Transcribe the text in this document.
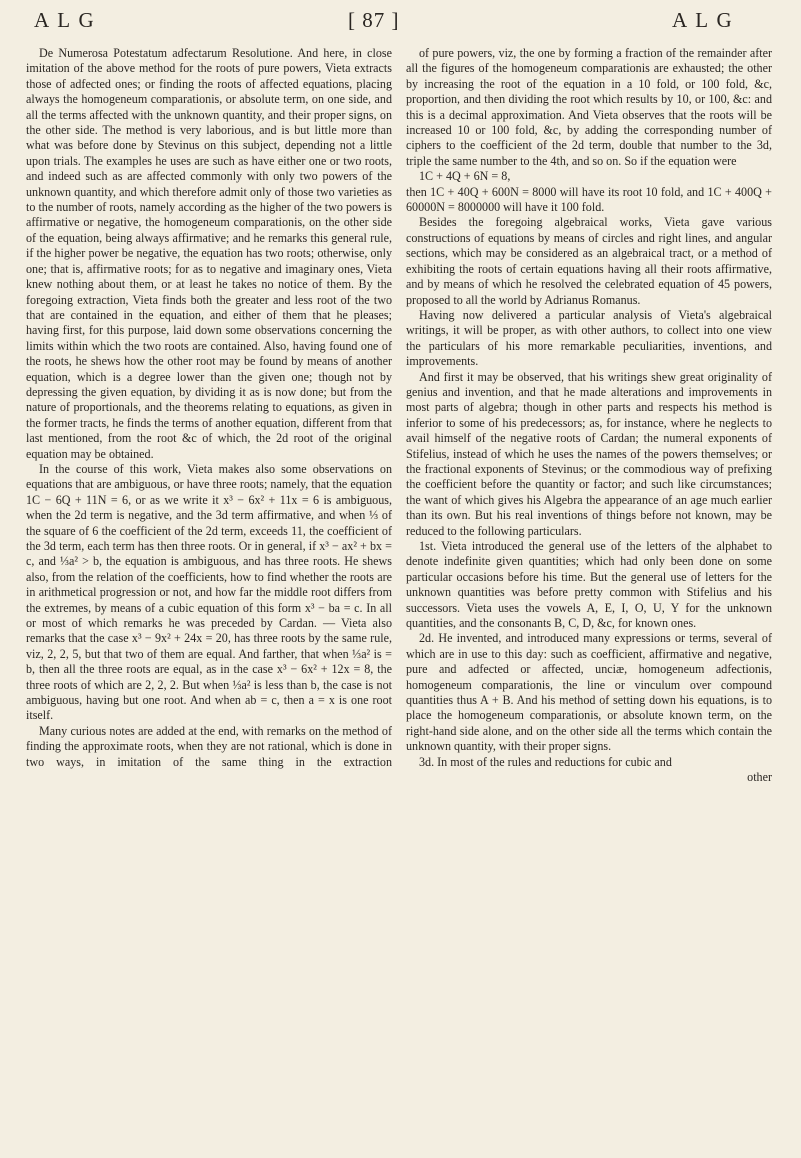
A L G	[ 87 ]	A L G

De Numerosa Potestatum adfectarum Resolutione. And here, in close imitation of the above method for the roots of pure powers, Vieta extracts those of adfected ones; or finding the roots of affected equations, placing always the homogeneum comparationis, or absolute term, on one side, and all the terms affected with the unknown quantity, and their proper signs, on the other side. The method is very laborious, and is but little more than what was before done by Stevinus on this subject, depending not a little upon trials. The examples he uses are such as have either one or two roots, and indeed such as are affected commonly with only two powers of the unknown quantity, and which therefore admit only of those two varieties as to the number of roots, namely according as the higher of the two powers is affirmative or negative, the homogeneum comparationis, on the other side of the equation, being always affirmative; and he remarks this general rule, if the higher power be negative, the equation has two roots; otherwise, only one; that is, affirmative roots; for as to negative and imaginary ones, Vieta knew nothing about them, or at least he takes no notice of them. By the foregoing extraction, Vieta finds both the greater and less root of the two that are contained in the equation, and either of them that he pleases; having first, for this purpose, laid down some observations concerning the limits within which the two roots are contained. Also, having found one of the roots, he shews how the other root may be found by means of another equation, which is a degree lower than the given one; though not by depressing the given equation, by dividing it as is now done; but from the nature of proportionals, and the theorems relating to equations, as given in the former tracts, he finds the terms of another equation, different from that last mentioned, from the root &c of which, the 2d root of the original equation may be obtained.

In the course of this work, Vieta makes also some observations on equations that are ambiguous, or have three roots; namely, that the equation 1C − 6Q + 11N = 6, or as we write it x³ − 6x² + 11x = 6 is ambiguous, when the 2d term is negative, and the 3d term affirmative, and when ⅓ of the square of 6 the coefficient of the 2d term, exceeds 11, the coefficient of the 3d term, each term has then three roots. Or in general, if x³ − ax² + bx = c, and ⅓a² > b, the equation is ambiguous, and has three roots. He shews also, from the relation of the coefficients, how to find whether the roots are in arithmetical progression or not, and how far the middle root differs from the extremes, by means of a cubic equation of this form x³ − ba = c. In all or most of which remarks he was preceded by Cardan. — Vieta also remarks that the case x³ − 9x² + 24x = 20, has three roots by the same rule, viz, 2, 2, 5, but that two of them are equal. And farther, that when ⅓a² is = b, then all the three roots are equal, as in the case x³ − 6x² + 12x = 8, the three roots of which are 2, 2, 2. But when ⅓a² is less than b, the case is not ambiguous, having but one root. And when ab = c, then a = x is one root itself.

Many curious notes are added at the end, with remarks on the method of finding the approximate roots, when they are not rational, which is done in two ways, in imitation of the same thing in the extraction

of pure powers, viz, the one by forming a fraction of the remainder after all the figures of the homogeneum comparationis are exhausted; the other by increasing the root of the equation in a 10 fold, or 100 fold, &c, proportion, and then dividing the root which results by 10, or 100, &c: and this is a decimal approximation. And Vieta observes that the roots will be increased 10 or 100 fold, &c, by adding the corresponding number of ciphers to the coefficient of the 2d term, double that number to the 3d, triple the same number to the 4th, and so on. So if the equation were

1C + 4Q + 6N = 8,

then 1C + 40Q + 600N = 8000 will have its root 10 fold, and 1C + 400Q + 60000N = 8000000 will have it 100 fold.

Besides the foregoing algebraical works, Vieta gave various constructions of equations by means of circles and right lines, and angular sections, which may be considered as an algebraical tract, or a method of exhibiting the roots of certain equations having all their roots affirmative, and by means of which he resolved the celebrated equation of 45 powers, proposed to all the world by Adrianus Romanus.

Having now delivered a particular analysis of Vieta's algebraical writings, it will be proper, as with other authors, to collect into one view the particulars of his more remarkable peculiarities, inventions, and improvements.

And first it may be observed, that his writings shew great originality of genius and invention, and that he made alterations and improvements in most parts of algebra; though in other parts and respects his method is inferior to some of his predecessors; as, for instance, where he neglects to avail himself of the negative roots of Cardan; the numeral exponents of Stifelius, instead of which he uses the names of the powers themselves; or the fractional exponents of Stevinus; or the commodious way of prefixing the coefficient before the quantity or factor; and such like circumstances; the want of which gives his Algebra the appearance of an age much earlier than its own. But his real inventions of things before not known, may be reduced to the following particulars.

1st. Vieta introduced the general use of the letters of the alphabet to denote indefinite given quantities; which had only been done on some particular occasions before his time. But the general use of letters for the unknown quantities was before pretty common with Stifelius and his successors. Vieta uses the vowels A, E, I, O, U, Y for the unknown quantities, and the consonants B, C, D, &c, for known ones.

2d. He invented, and introduced many expressions or terms, several of which are in use to this day: such as coefficient, affirmative and negative, pure and adfected or affected, unciæ, homogeneum adfectionis, homogeneum comparationis, the line or vinculum over compound quantities thus A + B. And his method of setting down his equations, is to place the homogeneum comparationis, or absolute known term, on the right-hand side alone, and on the other side all the terms which contain the unknown quantity, with their proper signs.

3d. In most of the rules and reductions for cubic and

other
